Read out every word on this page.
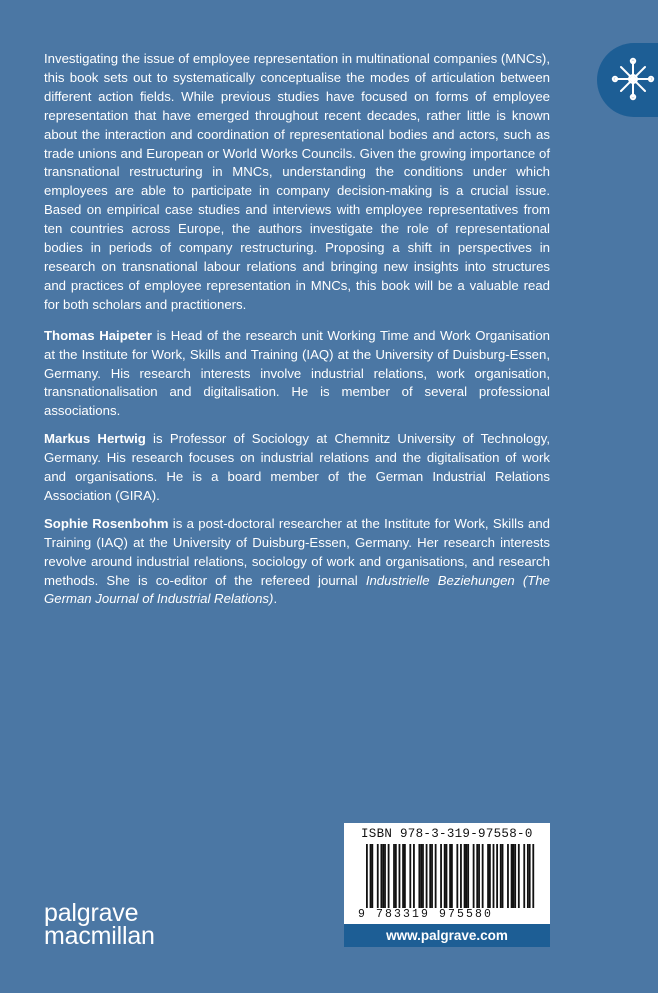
Investigating the issue of employee representation in multinational companies (MNCs), this book sets out to systematically conceptualise the modes of articulation between different action fields. While previous studies have focused on forms of employee representation that have emerged throughout recent decades, rather little is known about the interaction and coordination of representational bodies and actors, such as trade unions and European or World Works Councils. Given the growing importance of transnational restructuring in MNCs, understanding the conditions under which employees are able to participate in company decision-making is a crucial issue. Based on empirical case studies and interviews with employee representatives from ten countries across Europe, the authors investigate the role of representational bodies in periods of company restructuring. Proposing a shift in perspectives in research on transnational labour relations and bringing new insights into structures and practices of employee representation in MNCs, this book will be a valuable read for both scholars and practitioners.

Thomas Haipeter is Head of the research unit Working Time and Work Organisation at the Institute for Work, Skills and Training (IAQ) at the University of Duisburg-Essen, Germany. His research interests involve industrial relations, work organisation, transnationalisation and digitalisation. He is member of several professional associations.

Markus Hertwig is Professor of Sociology at Chemnitz University of Technology, Germany. His research focuses on industrial relations and the digitalisation of work and organisations. He is a board member of the German Industrial Relations Association (GIRA).

Sophie Rosenbohm is a post-doctoral researcher at the Institute for Work, Skills and Training (IAQ) at the University of Duisburg-Essen, Germany. Her research interests revolve around industrial relations, sociology of work and organisations, and research methods. She is co-editor of the refereed journal Industrielle Beziehungen (The German Journal of Industrial Relations).

palgrave
macmillan
ISBN 978-3-319-97558-0
9 783319 975580
www.palgrave.com
